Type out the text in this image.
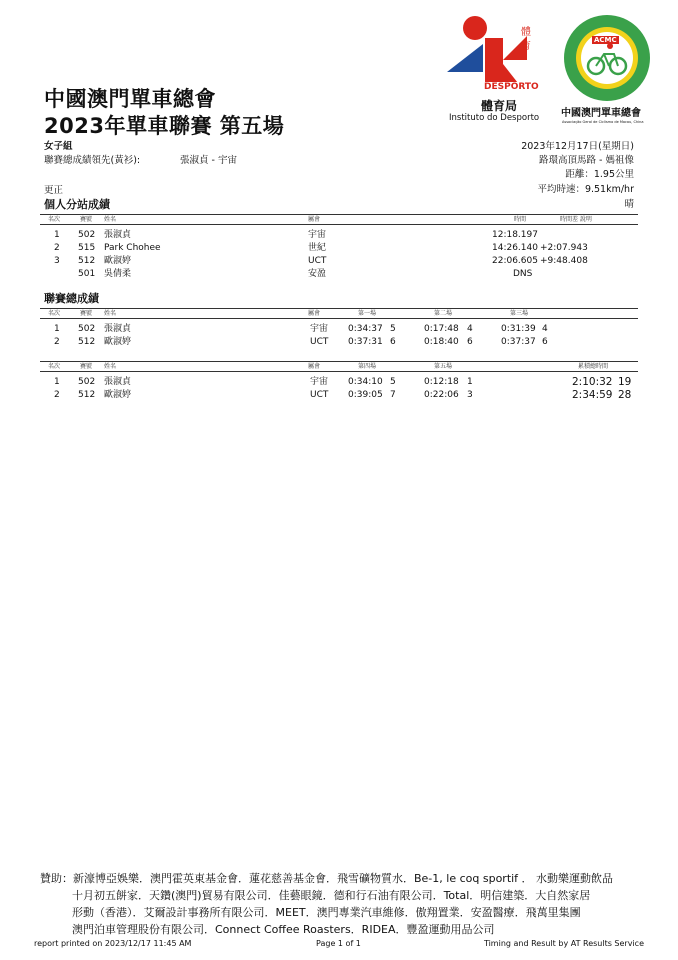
中國澳門單車總會
2023年單車聯賽 第五場
體
育
DESPORTO
體育局
Instituto do Desporto
ACMC
中國澳門單車總會
Associação Geral de Ciclismo de Macau, China
女子組
聯賽總成績領先(黃衫):	張淑貞 - 宇宙
更正
2023年12月17日(星期日)
路環高頂馬路 - 媽祖像
距離：1.95公里
平均時速：9.51km/hr
晴
個人分站成績
名次	賽號 姓名	屬會	時間	時間差 說明
1 502 張淑貞	宇宙	12:18.197
2 515 Park Chohee	世紀	14:26.140 +2:07.943
3 512 歐淑婷	UCT	22:06.605 +9:48.408
501 吳倩柔	安盈	DNS
聯賽總成績
名次	賽號 姓名	屬會	第一場	第二場	第三場
1 502 張淑貞	宇宙 0:34:37 5	0:17:48 4	0:31:39 4
2 512 歐淑婷	UCT 0:37:31 6	0:18:40 6	0:37:37 6
名次	賽號 姓名	屬會	第四場	第五場	累積總時間
1 502 張淑貞	宇宙 0:34:10 5	0:12:18 1	2:10:32 19
2 512 歐淑婷	UCT 0:39:05 7	0:22:06 3	2:34:59 28
贊助：新濠博亞娛樂．澳門霍英東基金會．蓮花慈善基金會．飛雪礦物質水．Be-1, le coq sportif ． 水動樂運動飲品
十月初五餅家．天鑽(澳門)貿易有限公司．佳藝眼鏡．德和行石油有限公司．Total．明信建築．大自然家居
形動（香港）．艾爾設計事務所有限公司．MEET．澳門專業汽車維修．傲翔置業．安盈醫療．飛萬里集團
澳門泊車管理股份有限公司．Connect Coffee Roasters．RIDEA．豐盈運動用品公司
report printed on 2023/12/17 11:45 AM	Page 1 of 1	Timing and Result by AT Results Service
